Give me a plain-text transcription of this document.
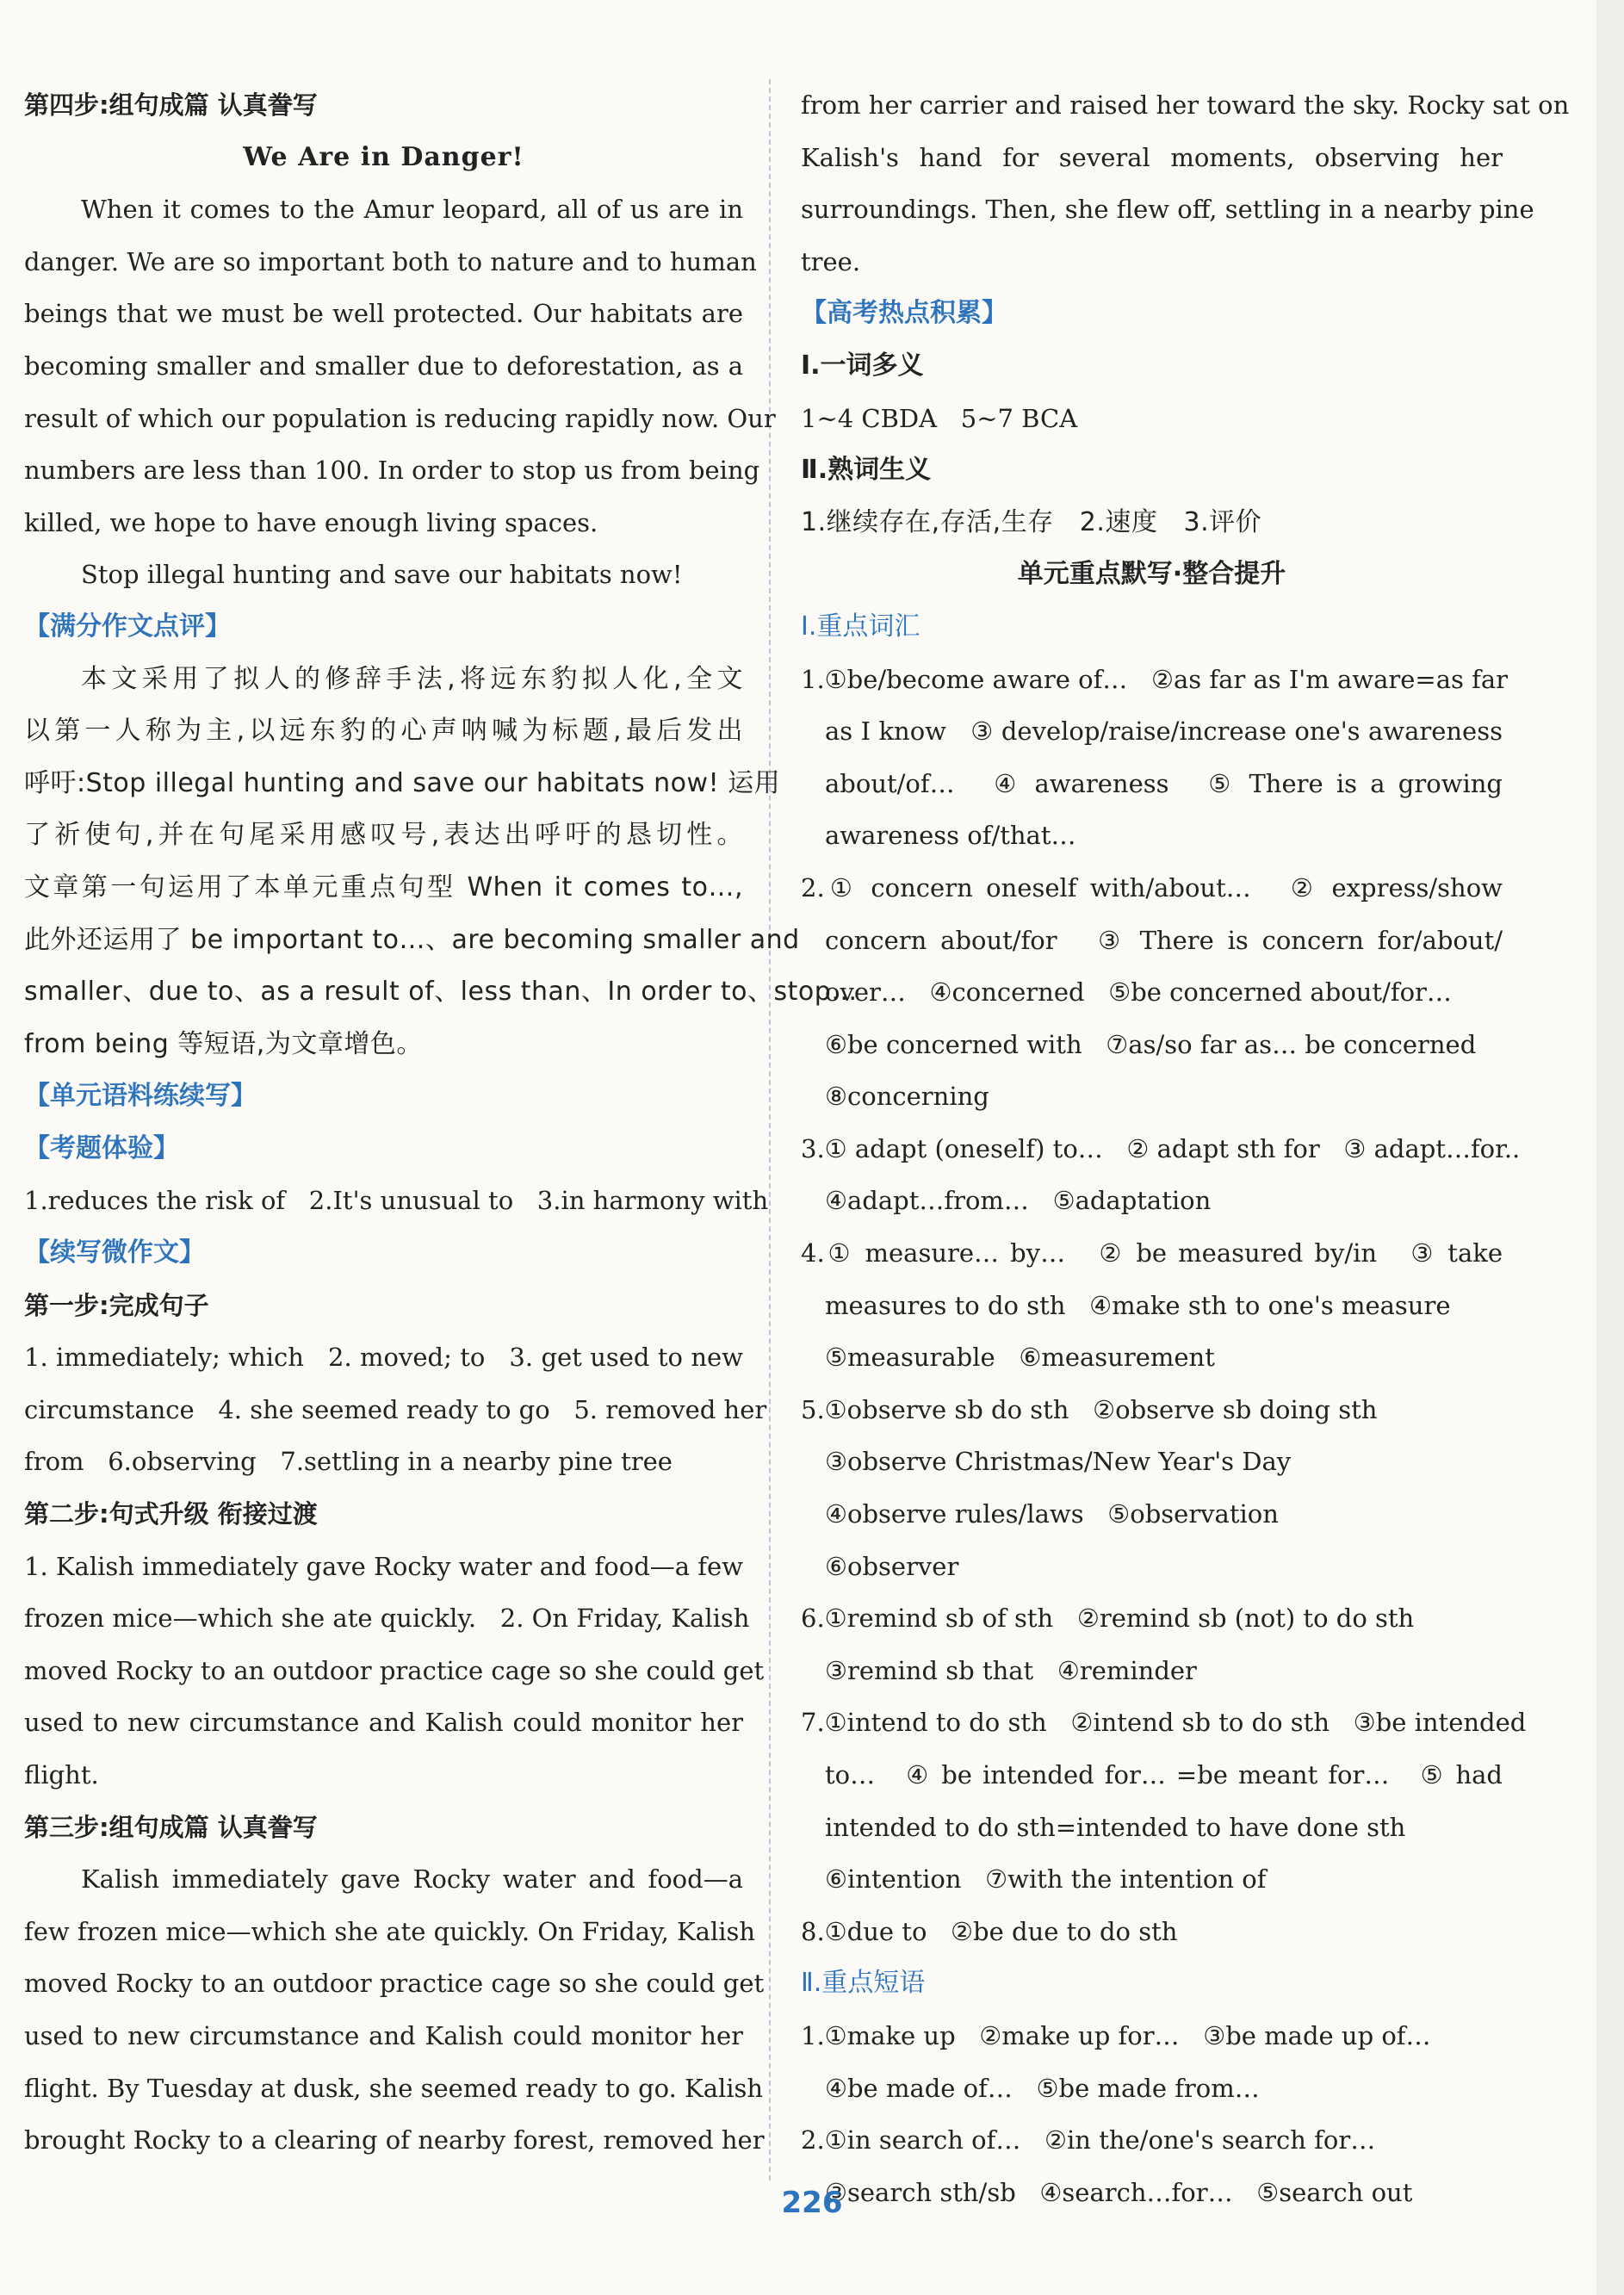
第四步:组句成篇 认真誊写
We Are in Danger!
When it comes to the Amur leopard, all of us are in
danger. We are so important both to nature and to human
beings that we must be well protected. Our habitats are
becoming smaller and smaller due to deforestation, as a
result of which our population is reducing rapidly now. Our
numbers are less than 100. In order to stop us from being
killed, we hope to have enough living spaces.
Stop illegal hunting and save our habitats now!
【满分作文点评】
本文采用了拟人的修辞手法,将远东豹拟人化,全文
以第一人称为主,以远东豹的心声呐喊为标题,最后发出
呼吁:Stop illegal hunting and save our habitats now! 运用
了祈使句,并在句尾采用感叹号,表达出呼吁的恳切性。
文章第一句运用了本单元重点句型 When it comes to…,
此外还运用了 be important to…、are becoming smaller and
smaller、due to、as a result of、less than、In order to、stop…
from being 等短语,为文章增色。
【单元语料练续写】
【考题体验】
1.reduces the risk of   2.It's unusual to   3.in harmony with
【续写微作文】
第一步:完成句子
1. immediately; which   2. moved; to   3. get used to new
circumstance   4. she seemed ready to go   5. removed her
from   6.observing   7.settling in a nearby pine tree
第二步:句式升级 衔接过渡
1. Kalish immediately gave Rocky water and food—a few
frozen mice—which she ate quickly.   2. On Friday, Kalish
moved Rocky to an outdoor practice cage so she could get
used to new circumstance and Kalish could monitor her
flight.
第三步:组句成篇 认真誊写
Kalish immediately gave Rocky water and food—a
few frozen mice—which she ate quickly. On Friday, Kalish
moved Rocky to an outdoor practice cage so she could get
used to new circumstance and Kalish could monitor her
flight. By Tuesday at dusk, she seemed ready to go. Kalish
brought Rocky to a clearing of nearby forest, removed her
from her carrier and raised her toward the sky. Rocky sat on
Kalish's hand for several moments, observing her
surroundings. Then, she flew off, settling in a nearby pine
tree.
【高考热点积累】
Ⅰ.一词多义
1~4 CBDA   5~7 BCA
Ⅱ.熟词生义
1.继续存在,存活,生存   2.速度   3.评价
单元重点默写·整合提升
Ⅰ.重点词汇
1.①be/become aware of…   ②as far as I'm aware=as far
as I know   ③ develop/raise/increase one's awareness
about/of…   ④ awareness   ⑤ There is a growing
awareness of/that…
2.① concern oneself with/about…   ② express/show
concern about/for   ③ There is concern for/about/
over…   ④concerned   ⑤be concerned about/for…
⑥be concerned with   ⑦as/so far as… be concerned
⑧concerning
3.① adapt (oneself) to…   ② adapt sth for   ③ adapt…for..
④adapt…from…   ⑤adaptation
4.① measure… by…   ② be measured by/in   ③ take
measures to do sth   ④make sth to one's measure
⑤measurable   ⑥measurement
5.①observe sb do sth   ②observe sb doing sth
③observe Christmas/New Year's Day
④observe rules/laws   ⑤observation
⑥observer
6.①remind sb of sth   ②remind sb (not) to do sth
③remind sb that   ④reminder
7.①intend to do sth   ②intend sb to do sth   ③be intended
to…   ④ be intended for… =be meant for…   ⑤ had
intended to do sth=intended to have done sth
⑥intention   ⑦with the intention of
8.①due to   ②be due to do sth
Ⅱ.重点短语
1.①make up   ②make up for…   ③be made up of…
④be made of…   ⑤be made from…
2.①in search of…   ②in the/one's search for…
③search sth/sb   ④search…for…   ⑤search out
226
